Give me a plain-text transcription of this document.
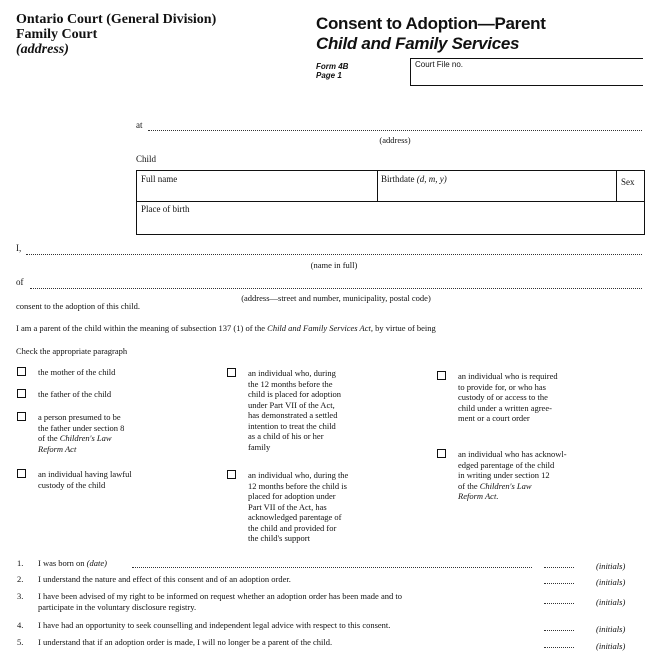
Ontario Court (General Division)
Family Court
(address)
Consent to Adoption—Parent
Child and Family Services
Form 4B
Page 1
Court File no.
at
(address)
Child
Full name	Birthdate (d, m, y)	Sex
Place of birth
I,
(name in full)
of
(address—street and number, municipality, postal code)
consent to the adoption of this child.
I am a parent of the child within the meaning of subsection 137 (1) of the Child and Family Services Act, by virtue of being
Check the appropriate paragraph
the mother of the child
the father of the child
a person presumed to be
the father under section 8
of the Children's Law
Reform Act
an individual having lawful
custody of the child
an individual who, during
the 12 months before the
child is placed for adoption
under Part VII of the Act,
has demonstrated a settled
intention to treat the child
as a child of his or her
family
an individual who, during the
12 months before the child is
placed for adoption under
Part VII of the Act, has
acknowledged parentage of
the child and provided for
the child's support
an individual who is required
to provide for, or who has
custody of or access to the
child under a written agree-
ment or a court order
an individual who has acknowl-
edged parentage of the child
in writing under section 12
of the Children's Law
Reform Act.
1. I was born on (date)	(initials)
2. I understand the nature and effect of this consent and of an adoption order.	(initials)
3. I have been advised of my right to be informed on request whether an adoption order has been made and to
participate in the voluntary disclosure registry.	(initials)
4. I have had an opportunity to seek counselling and independent legal advice with respect to this consent.	(initials)
5. I understand that if an adoption order is made, I will no longer be a parent of the child.	(initials)
